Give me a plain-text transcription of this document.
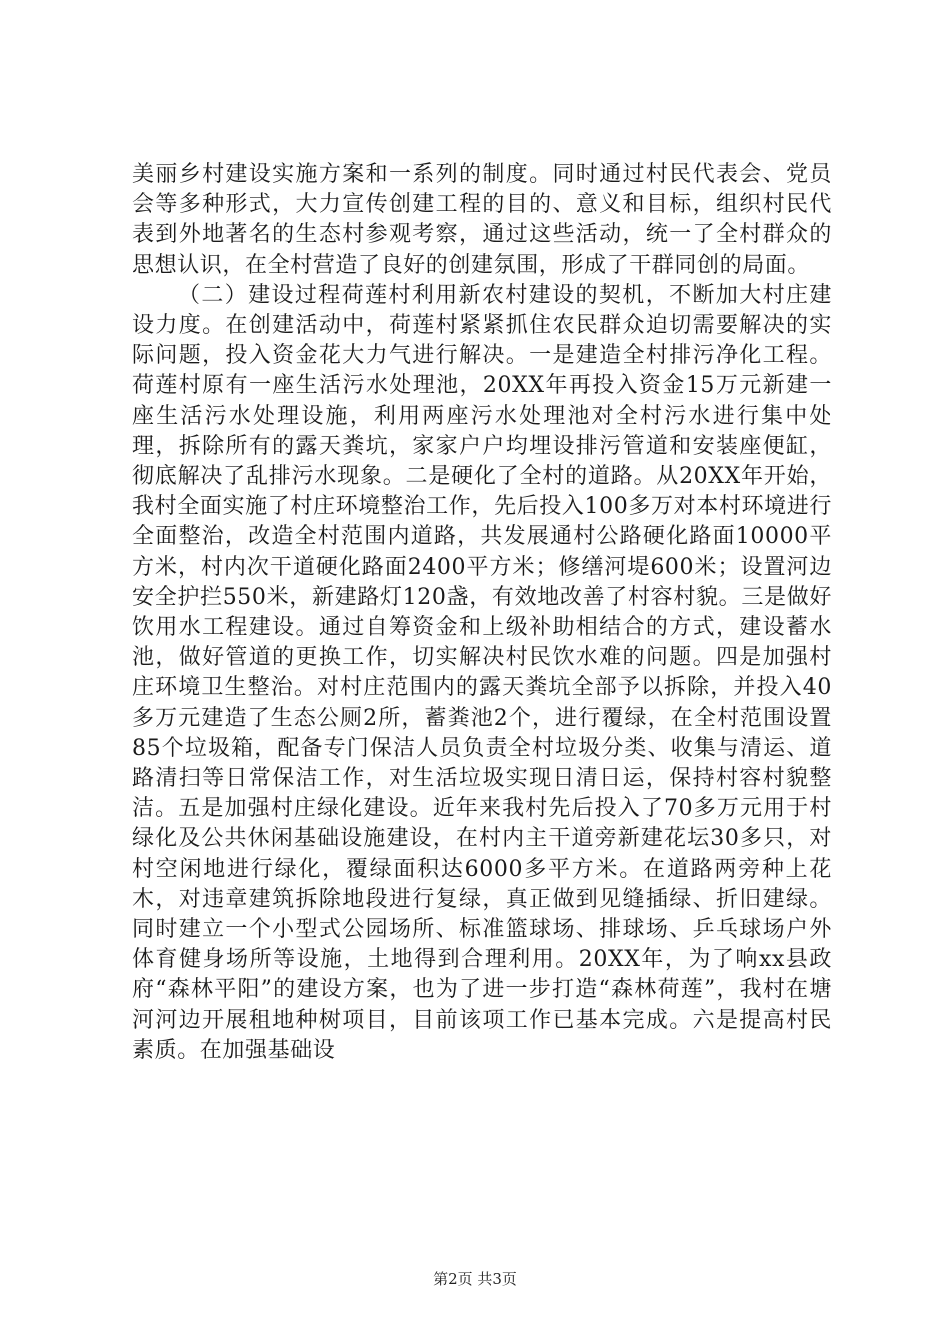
美丽乡村建设实施方案和一系列的制度。同时通过村民代表会、党员会等多种形式，大力宣传创建工程的目的、意义和目标，组织村民代表到外地著名的生态村参观考察，通过这些活动，统一了全村群众的思想认识，在全村营造了良好的创建氛围，形成了干群同创的局面。

（二）建设过程荷莲村利用新农村建设的契机，不断加大村庄建设力度。在创建活动中，荷莲村紧紧抓住农民群众迫切需要解决的实际问题，投入资金花大力气进行解决。一是建造全村排污净化工程。荷莲村原有一座生活污水处理池，20XX年再投入资金15万元新建一座生活污水处理设施，利用两座污水处理池对全村污水进行集中处理，拆除所有的露天粪坑，家家户户均埋设排污管道和安装座便缸，彻底解决了乱排污水现象。二是硬化了全村的道路。从20XX年开始，我村全面实施了村庄环境整治工作，先后投入100多万对本村环境进行全面整治，改造全村范围内道路，共发展通村公路硬化路面10000平方米，村内次干道硬化路面2400平方米；修缮河堤600米；设置河边安全护拦550米，新建路灯120盏，有效地改善了村容村貌。三是做好饮用水工程建设。通过自筹资金和上级补助相结合的方式，建设蓄水池，做好管道的更换工作，切实解决村民饮水难的问题。四是加强村庄环境卫生整治。对村庄范围内的露天粪坑全部予以拆除，并投入40多万元建造了生态公厕2所，蓄粪池2个，进行覆绿，在全村范围设置85个垃圾箱，配备专门保洁人员负责全村垃圾分类、收集与清运、道路清扫等日常保洁工作，对生活垃圾实现日清日运，保持村容村貌整洁。五是加强村庄绿化建设。近年来我村先后投入了70多万元用于村绿化及公共休闲基础设施建设，在村内主干道旁新建花坛30多只，对村空闲地进行绿化，覆绿面积达6000多平方米。在道路两旁种上花木，对违章建筑拆除地段进行复绿，真正做到见缝插绿、折旧建绿。同时建立一个小型式公园场所、标准篮球场、排球场、乒乓球场户外体育健身场所等设施，土地得到合理利用。20XX年，为了响xx县政府“森林平阳”的建设方案，也为了进一步打造“森林荷莲”，我村在塘河河边开展租地种树项目，目前该项工作已基本完成。六是提高村民素质。在加强基础设

第2页 共3页
